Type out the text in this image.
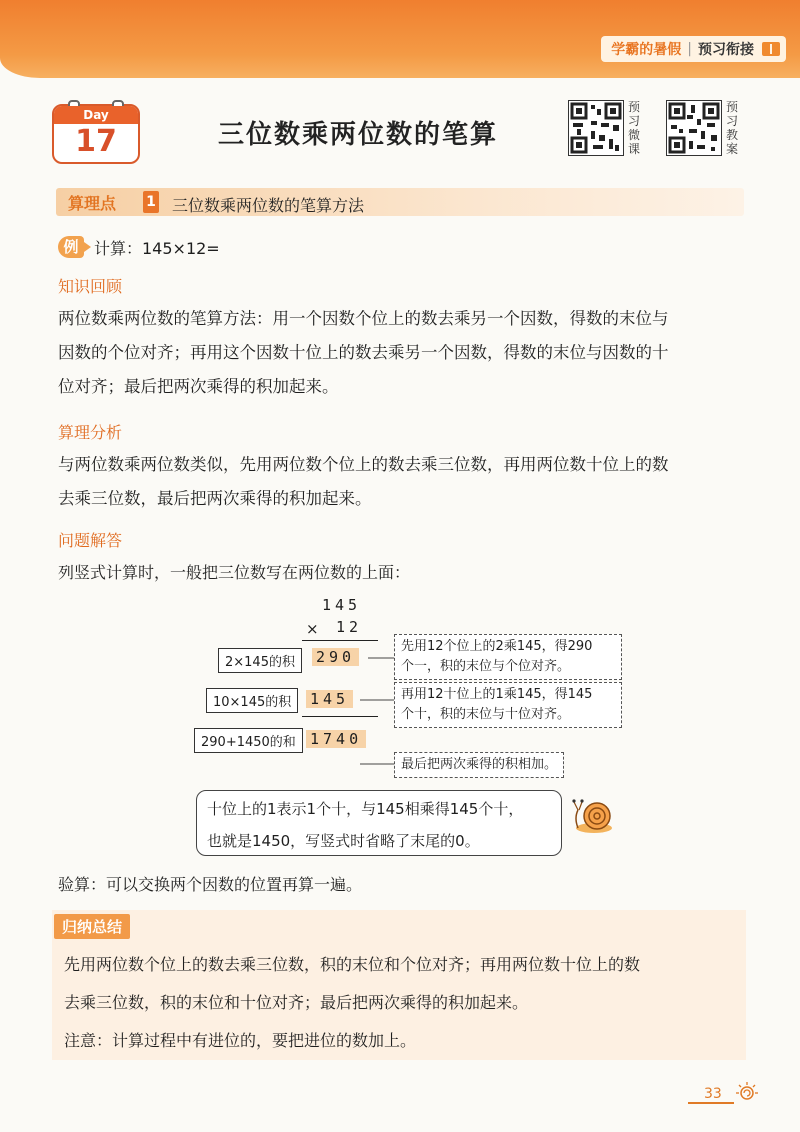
学霸的暑假 | 预习衔接
Day
17	三位数乘两位数的笔算
预习微课
预习教案
算理点 1 三位数乘两位数的笔算方法
例 计算：145×12=
知识回顾
两位数乘两位数的笔算方法：用一个因数个位上的数去乘另一个因数，得数的末位与
因数的个位对齐；再用这个因数十位上的数去乘另一个因数，得数的末位与因数的十
位对齐；最后把两次乘得的积加起来。
算理分析
与两位数乘两位数类似，先用两位数个位上的数去乘三位数，再用两位数十位上的数
去乘三位数，最后把两次乘得的积加起来。
问题解答
列竖式计算时，一般把三位数写在两位数的上面：
145
× 12
2×145的积	290
10×145的积	145
290+1450的和 1740
先用12个位上的2乘145，得290
个一，积的末位与个位对齐。
再用12十位上的1乘145，得145
个十，积的末位与十位对齐。
最后把两次乘得的积相加。
十位上的1表示1个十，与145相乘得145个十，
也就是1450，写竖式时省略了末尾的0。
验算：可以交换两个因数的位置再算一遍。
归纳总结
先用两位数个位上的数去乘三位数，积的末位和个位对齐；再用两位数十位上的数
去乘三位数，积的末位和十位对齐；最后把两次乘得的积加起来。
注意：计算过程中有进位的，要把进位的数加上。
33
